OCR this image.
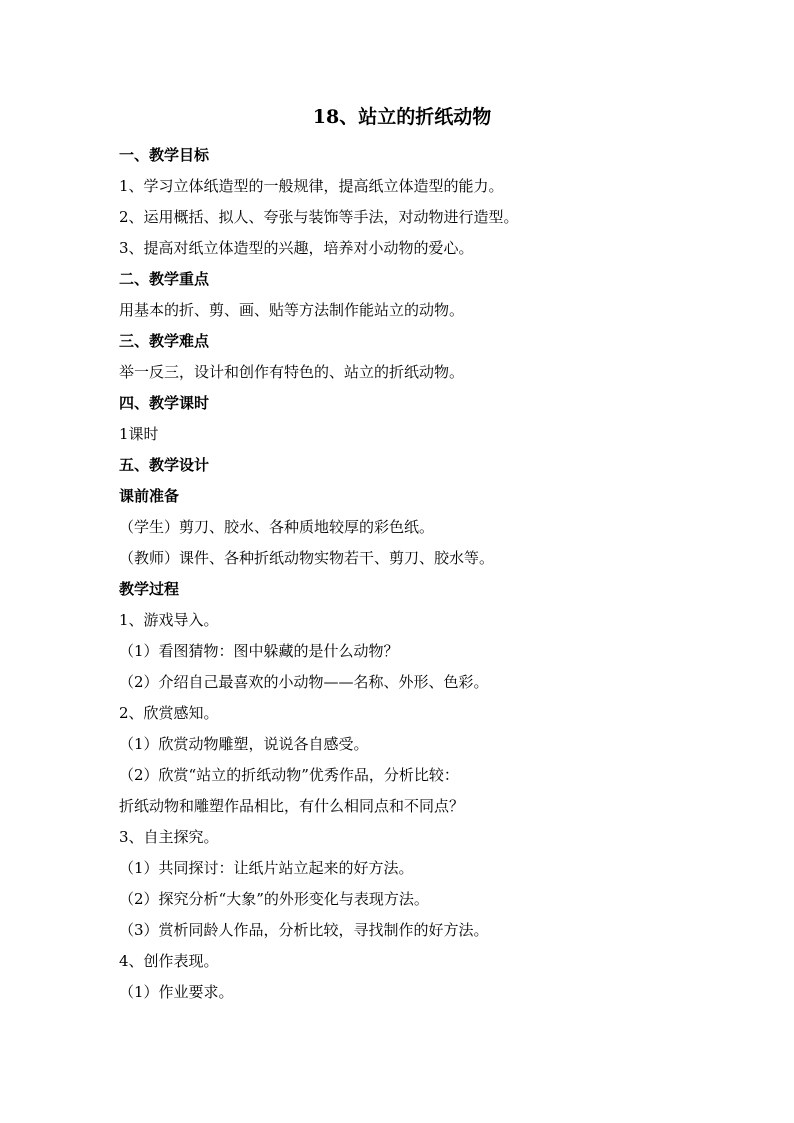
18、站立的折纸动物
一、教学目标
1、学习立体纸造型的一般规律，提高纸立体造型的能力。
2、运用概括、拟人、夸张与装饰等手法，对动物进行造型。
3、提高对纸立体造型的兴趣，培养对小动物的爱心。
二、教学重点
用基本的折、剪、画、贴等方法制作能站立的动物。
三、教学难点
举一反三，设计和创作有特色的、站立的折纸动物。
四、教学课时
1课时
五、教学设计
课前准备
（学生）剪刀、胶水、各种质地较厚的彩色纸。
（教师）课件、各种折纸动物实物若干、剪刀、胶水等。
教学过程
1、游戏导入。
（1）看图猜物：图中躲藏的是什么动物？
（2）介绍自己最喜欢的小动物——名称、外形、色彩。
2、欣赏感知。
（1）欣赏动物雕塑，说说各自感受。
（2）欣赏“站立的折纸动物”优秀作品，分析比较：
折纸动物和雕塑作品相比，有什么相同点和不同点？
3、自主探究。
（1）共同探讨：让纸片站立起来的好方法。
（2）探究分析“大象”的外形变化与表现方法。
（3）赏析同龄人作品，分析比较，寻找制作的好方法。
4、创作表现。
（1）作业要求。
